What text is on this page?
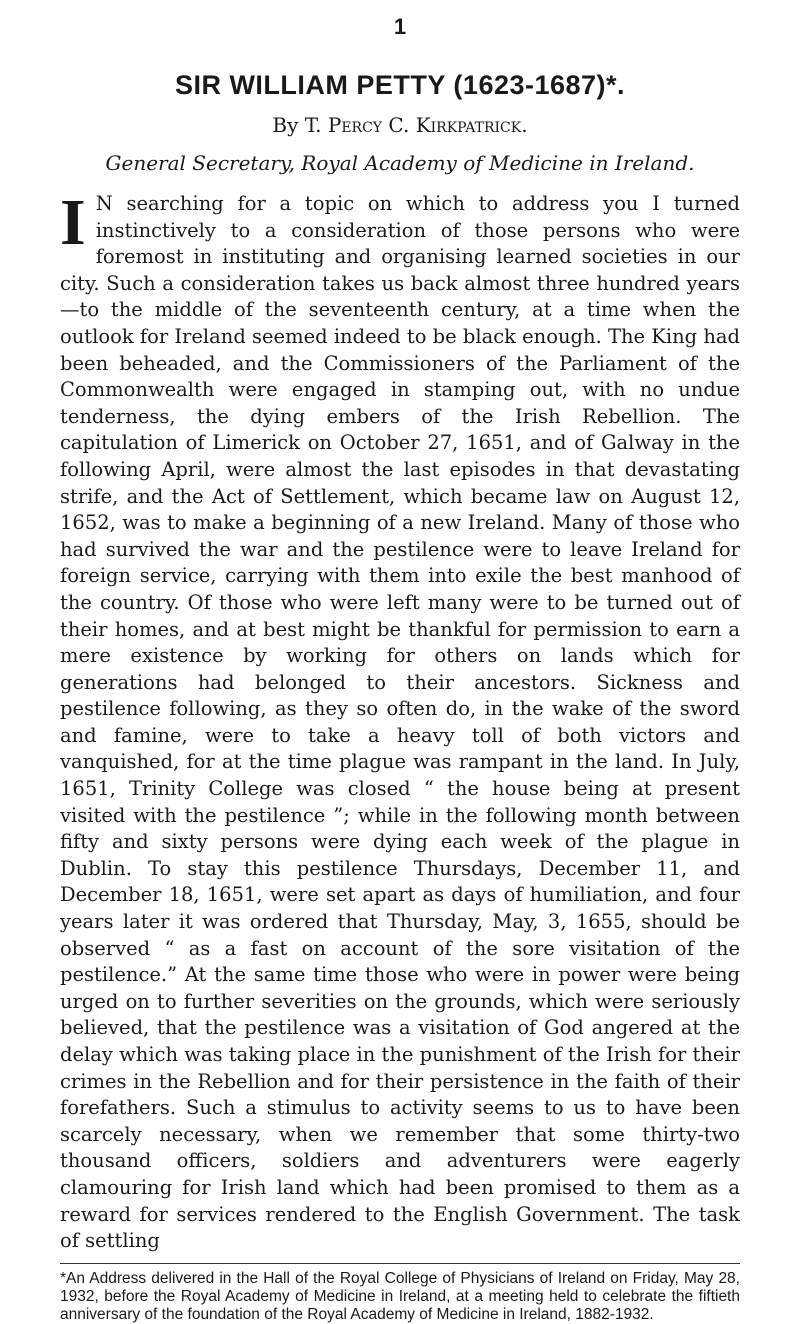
1
SIR WILLIAM PETTY (1623-1687)*.
By T. Percy C. Kirkpatrick.
General Secretary, Royal Academy of Medicine in Ireland.

I N searching for a topic on which to address you I turned instinctively to a consideration of those persons who were foremost in instituting and organising learned societies in our city. Such a consideration takes us back almost three hundred years—to the middle of the seventeenth century, at a time when the outlook for Ireland seemed indeed to be black enough. The King had been beheaded, and the Commissioners of the Parliament of the Commonwealth were engaged in stamping out, with no undue tenderness, the dying embers of the Irish Rebellion. The capitulation of Limerick on October 27, 1651, and of Galway in the following April, were almost the last episodes in that devastating strife, and the Act of Settlement, which became law on August 12, 1652, was to make a beginning of a new Ireland. Many of those who had survived the war and the pestilence were to leave Ireland for foreign service, carrying with them into exile the best manhood of the country. Of those who were left many were to be turned out of their homes, and at best might be thankful for permission to earn a mere existence by working for others on lands which for generations had belonged to their ancestors. Sickness and pestilence following, as they so often do, in the wake of the sword and famine, were to take a heavy toll of both victors and vanquished, for at the time plague was rampant in the land. In July, 1651, Trinity College was closed “ the house being at present visited with the pestilence ”; while in the following month between fifty and sixty persons were dying each week of the plague in Dublin. To stay this pestilence Thursdays, December 11, and December 18, 1651, were set apart as days of humiliation, and four years later it was ordered that Thursday, May, 3, 1655, should be observed “ as a fast on account of the sore visitation of the pestilence.” At the same time those who were in power were being urged on to further severities on the grounds, which were seriously believed, that the pestilence was a visitation of God angered at the delay which was taking place in the punishment of the Irish for their crimes in the Rebellion and for their persistence in the faith of their forefathers. Such a stimulus to activity seems to us to have been scarcely necessary, when we remember that some thirty-two thousand officers, soldiers and adventurers were eagerly clamouring for Irish land which had been promised to them as a reward for services rendered to the English Government. The task of settling

*An Address delivered in the Hall of the Royal College of Physicians of Ireland on Friday, May 28, 1932, before the Royal Academy of Medicine in Ireland, at a meeting held to celebrate the fiftieth anniversary of the foundation of the Royal Academy of Medicine in Ireland, 1882-1932.
